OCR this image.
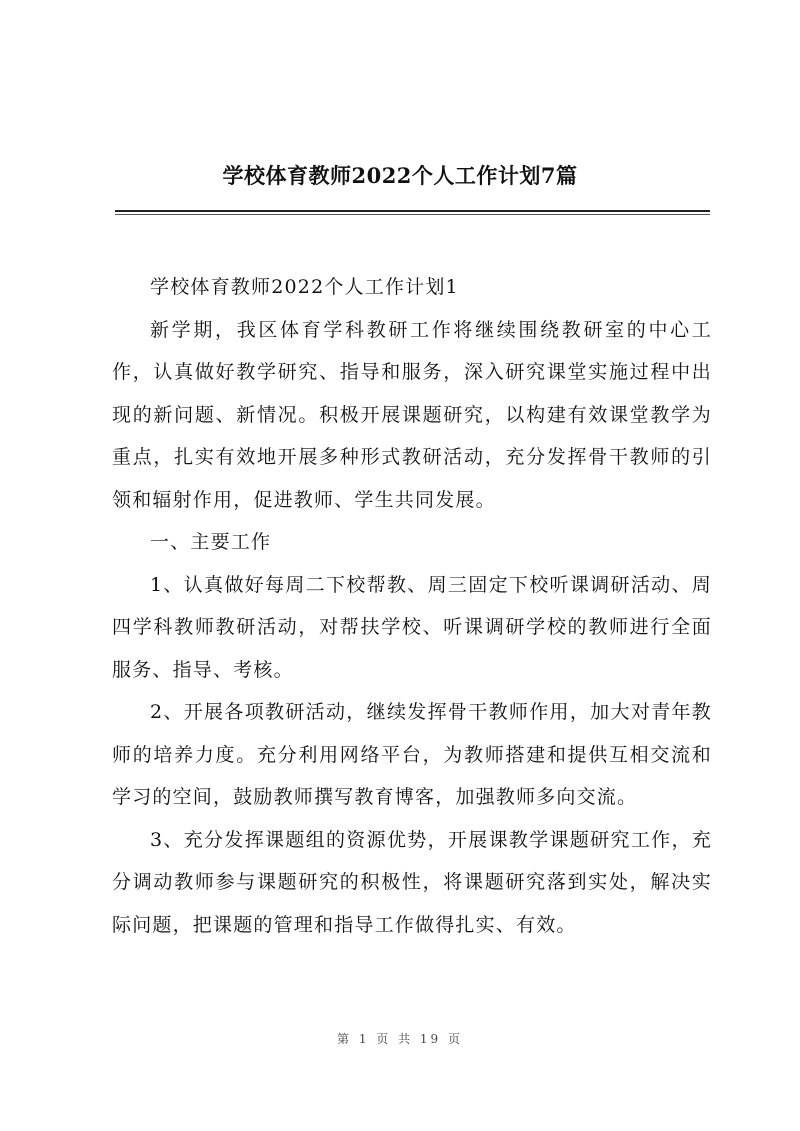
学校体育教师2022个人工作计划7篇

学校体育教师2022个人工作计划1

新学期，我区体育学科教研工作将继续围绕教研室的中心工作，认真做好教学研究、指导和服务，深入研究课堂实施过程中出现的新问题、新情况。积极开展课题研究，以构建有效课堂教学为重点，扎实有效地开展多种形式教研活动，充分发挥骨干教师的引领和辐射作用，促进教师、学生共同发展。

一、主要工作

1、认真做好每周二下校帮教、周三固定下校听课调研活动、周四学科教师教研活动，对帮扶学校、听课调研学校的教师进行全面服务、指导、考核。

2、开展各项教研活动，继续发挥骨干教师作用，加大对青年教师的培养力度。充分利用网络平台，为教师搭建和提供互相交流和学习的空间，鼓励教师撰写教育博客，加强教师多向交流。

3、充分发挥课题组的资源优势，开展课教学课题研究工作，充分调动教师参与课题研究的积极性，将课题研究落到实处，解决实际问题，把课题的管理和指导工作做得扎实、有效。

第 1 页 共 19 页
